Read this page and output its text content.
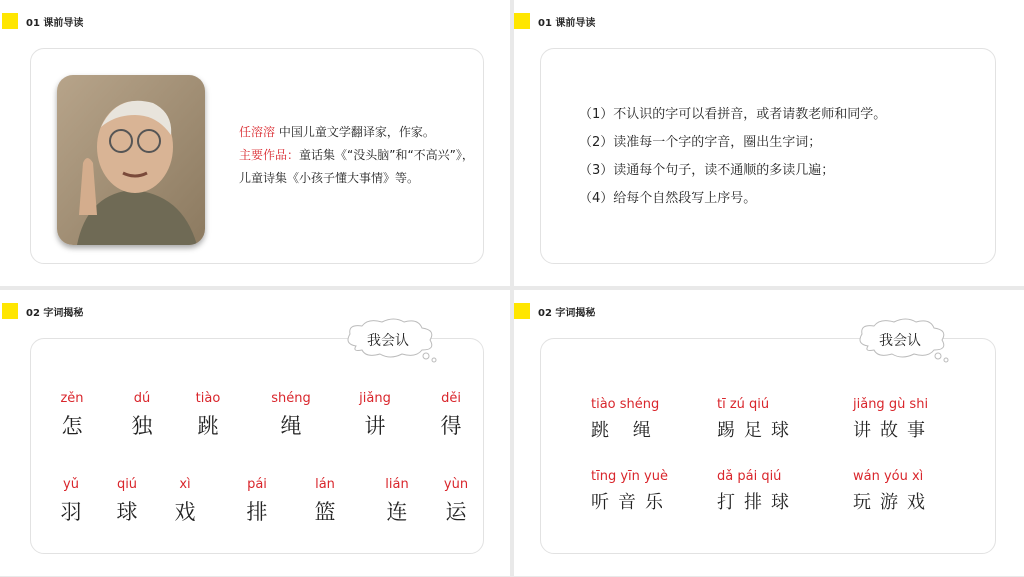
01 课前导读
任溶溶 中国儿童文学翻译家，作家。
主要作品：童话集《“没头脑”和“不高兴”》，儿童诗集《小孩子懂大事情》等。
01 课前导读
（1）不认识的字可以看拼音，或者请教老师和同学。
（2）读准每一个字的字音，圈出生字词；
（3）读通每个句子，读不通顺的多读几遍；
（4）给每个自然段写上序号。
02 字词揭秘
zěn
怎
dú
独
tiào
跳
shéng
绳
jiǎng
讲
děi
得
yǔ
羽
qiú
球
xì
戏
pái
排
lán
篮
lián
连
yùn
运
我会认
02 字词揭秘
tiào shéng
跳 绳
tī zú qiú
踢足球
jiǎng gù shi
讲故事
tīng yīn yuè
听音乐
dǎ pái qiú
打排球
wán yóu xì
玩游戏
我会认
